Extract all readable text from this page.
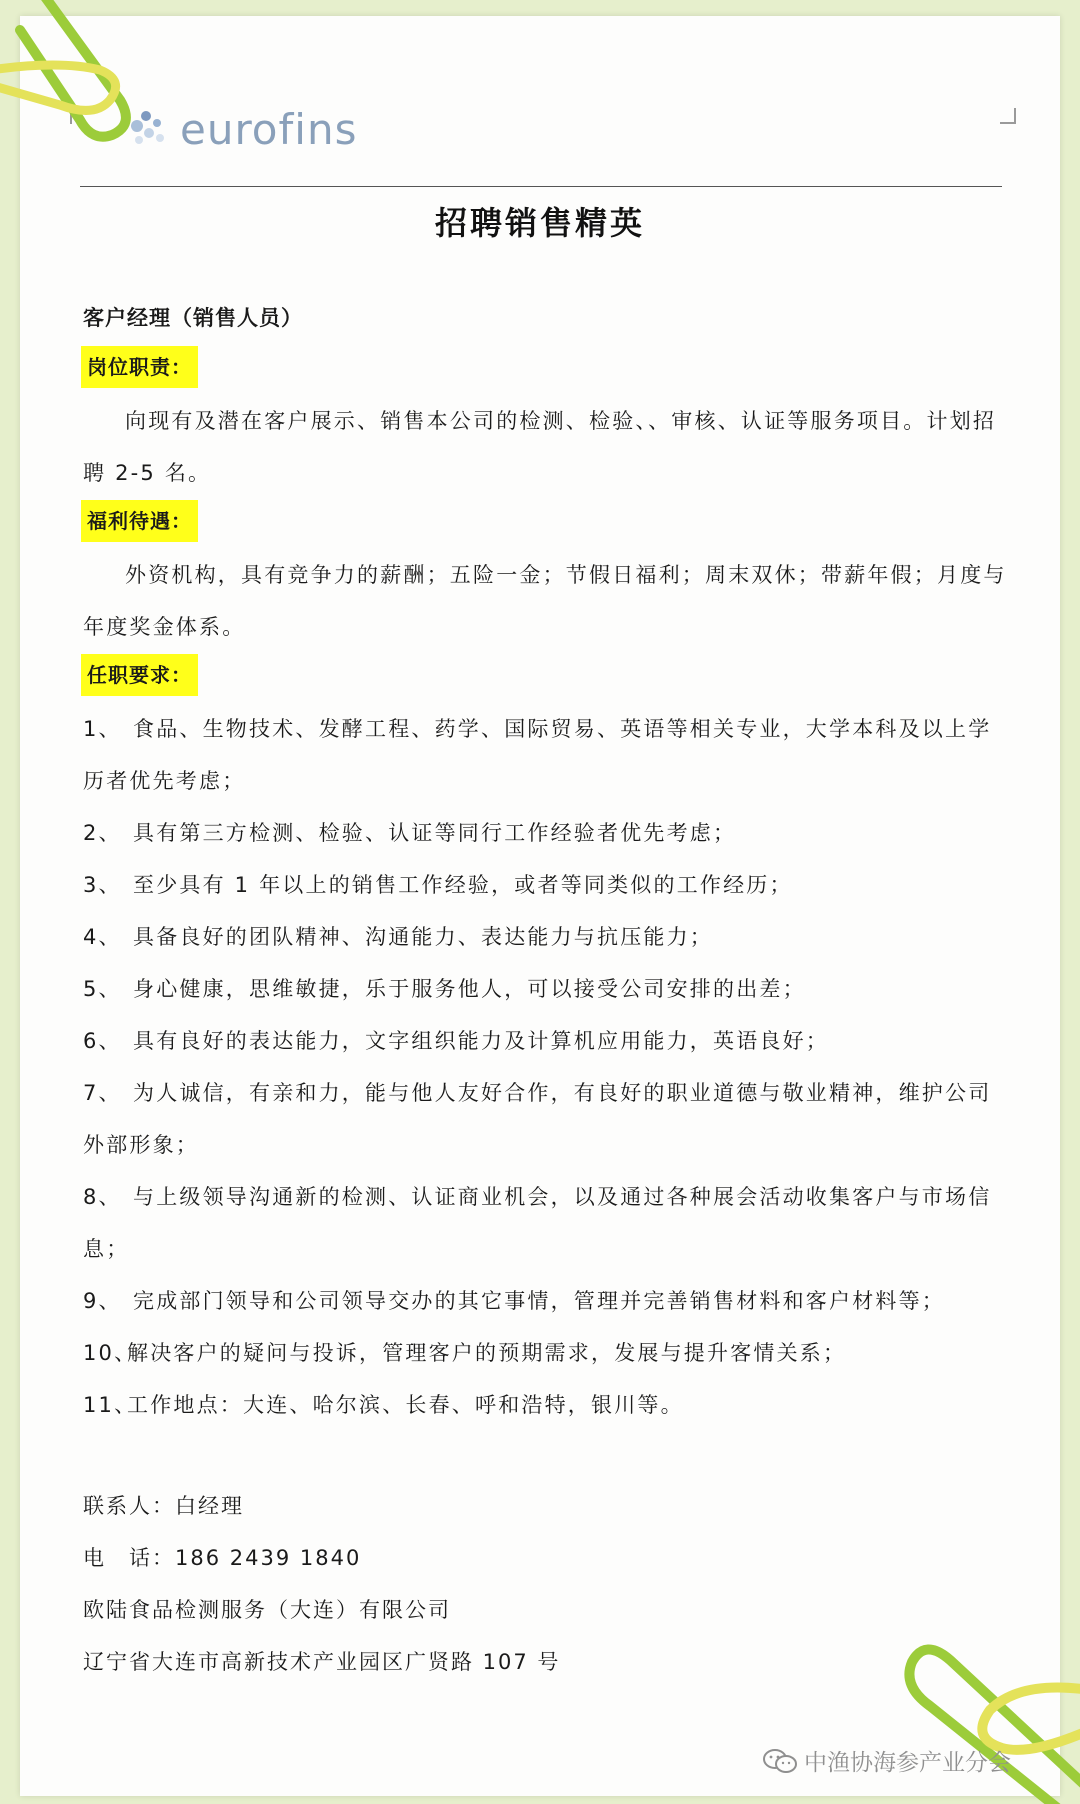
eurofins
招聘销售精英
客户经理（销售人员）
岗位职责：
向现有及潜在客户展示、销售本公司的检测、检验、、审核、认证等服务项目。计划招
聘 2-5 名。
福利待遇：
外资机构，具有竞争力的薪酬；五险一金；节假日福利；周末双休；带薪年假；月度与
年度奖金体系。
任职要求：
1、 食品、生物技术、发酵工程、药学、国际贸易、英语等相关专业，大学本科及以上学
历者优先考虑；
2、 具有第三方检测、检验、认证等同行工作经验者优先考虑；
3、 至少具有 1 年以上的销售工作经验，或者等同类似的工作经历；
4、 具备良好的团队精神、沟通能力、表达能力与抗压能力；
5、 身心健康，思维敏捷，乐于服务他人，可以接受公司安排的出差；
6、 具有良好的表达能力，文字组织能力及计算机应用能力，英语良好；
7、 为人诚信，有亲和力，能与他人友好合作，有良好的职业道德与敬业精神，维护公司
外部形象；
8、 与上级领导沟通新的检测、认证商业机会，以及通过各种展会活动收集客户与市场信
息；
9、 完成部门领导和公司领导交办的其它事情，管理并完善销售材料和客户材料等；
10、解决客户的疑问与投诉，管理客户的预期需求，发展与提升客情关系；
11、工作地点：大连、哈尔滨、长春、呼和浩特，银川等。
联系人：白经理
电　话：186 2439 1840
欧陆食品检测服务（大连）有限公司
辽宁省大连市高新技术产业园区广贤路 107 号
中渔协海参产业分会
